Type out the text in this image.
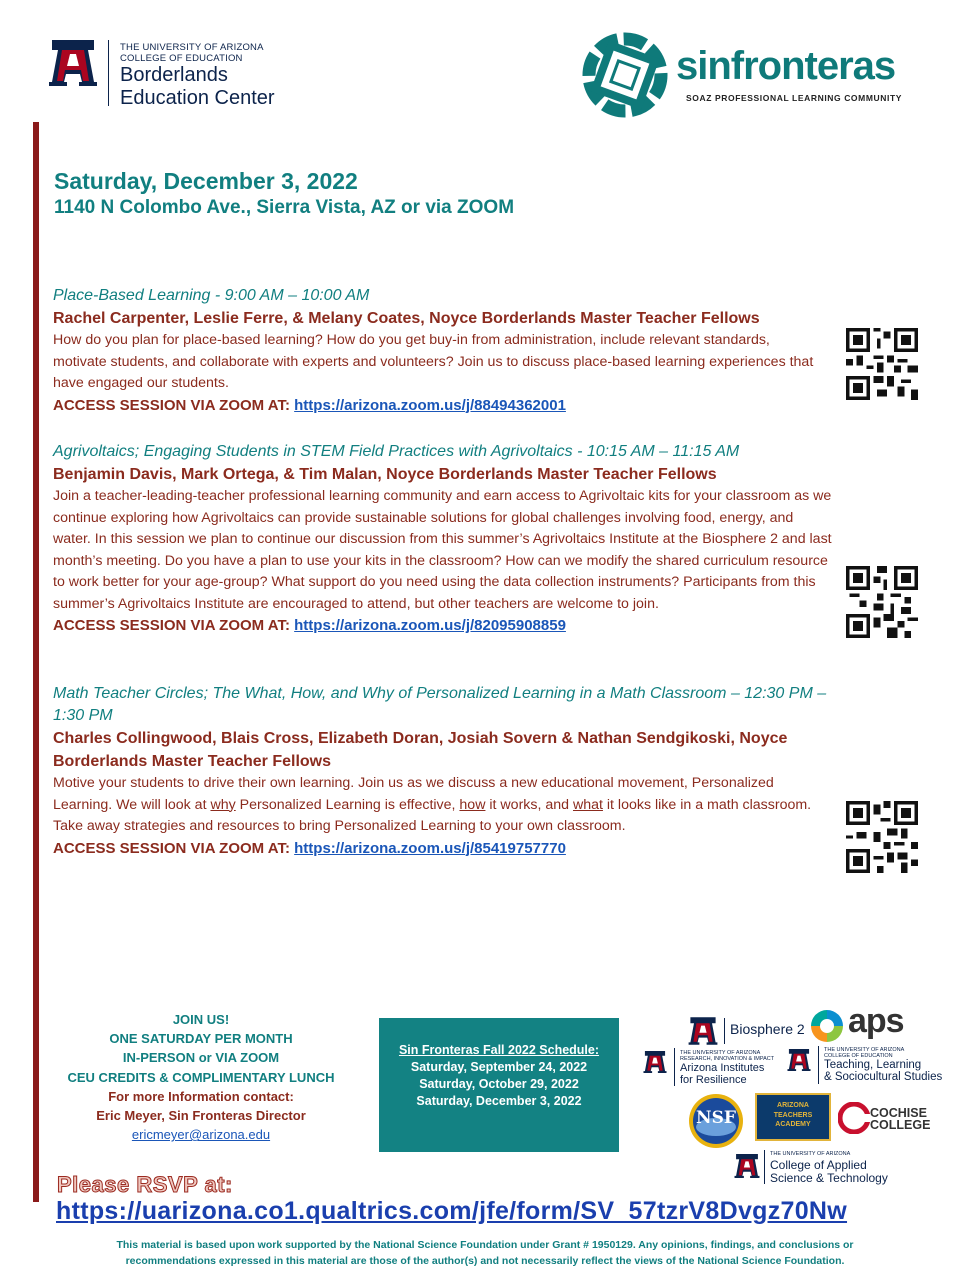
THE UNIVERSITY OF ARIZONA
COLLEGE OF EDUCATION
Borderlands
Education Center
sinfronteras
SOAZ PROFESSIONAL LEARNING COMMUNITY
Saturday, December 3, 2022
1140 N Colombo Ave., Sierra Vista, AZ or via ZOOM
Place-Based Learning - 9:00 AM – 10:00 AM
Rachel Carpenter, Leslie Ferre, & Melany Coates, Noyce Borderlands Master Teacher Fellows
How do you plan for place-based learning? How do you get buy-in from administration, include relevant standards, motivate students, and collaborate with experts and volunteers? Join us to discuss place-based learning experiences that have engaged our students.
ACCESS SESSION VIA ZOOM AT: https://arizona.zoom.us/j/88494362001
Agrivoltaics; Engaging Students in STEM Field Practices with Agrivoltaics - 10:15 AM – 11:15 AM
Benjamin Davis, Mark Ortega, & Tim Malan, Noyce Borderlands Master Teacher Fellows
Join a teacher-leading-teacher professional learning community and earn access to Agrivoltaic kits for your classroom as we continue exploring how Agrivoltaics can provide sustainable solutions for global challenges involving food, energy, and water. In this session we plan to continue our discussion from this summer’s Agrivoltaics Institute at the Biosphere 2 and last month’s meeting. Do you have a plan to use your kits in the classroom? How can we modify the shared curriculum resource to work better for your age-group? What support do you need using the data collection instruments? Participants from this summer’s Agrivoltaics Institute are encouraged to attend, but other teachers are welcome to join.
ACCESS SESSION VIA ZOOM AT: https://arizona.zoom.us/j/82095908859
Math Teacher Circles; The What, How, and Why of Personalized Learning in a Math Classroom – 12:30 PM – 1:30 PM
Charles Collingwood, Blais Cross, Elizabeth Doran, Josiah Sovern & Nathan Sendgikoski, Noyce Borderlands Master Teacher Fellows
Motive your students to drive their own learning. Join us as we discuss a new educational movement, Personalized Learning. We will look at why Personalized Learning is effective, how it works, and what it looks like in a math classroom. Take away strategies and resources to bring Personalized Learning to your own classroom.
ACCESS SESSION VIA ZOOM AT: https://arizona.zoom.us/j/85419757770
JOIN US!
ONE SATURDAY PER MONTH
IN-PERSON or VIA ZOOM
CEU CREDITS & COMPLIMENTARY LUNCH
For more Information contact:
Eric Meyer, Sin Fronteras Director
ericmeyer@arizona.edu
Sin Fronteras Fall 2022 Schedule:
Saturday, September 24, 2022
Saturday, October 29, 2022
Saturday, December 3, 2022
Biosphere 2 aps
THE UNIVERSITY OF ARIZONA
RESEARCH, INNOVATION & IMPACT
Arizona Institutes
for Resilience
THE UNIVERSITY OF ARIZONA
COLLEGE OF EDUCATION
Teaching, Learning
& Sociocultural Studies
NSF
ARIZONA
TEACHERS
ACADEMY
COCHISE
COLLEGE
THE UNIVERSITY OF ARIZONA
College of Applied
Science & Technology
Please RSVP at:
https://uarizona.co1.qualtrics.com/jfe/form/SV_57tzrV8Dvgz70Nw
This material is based upon work supported by the National Science Foundation under Grant # 1950129. Any opinions, findings, and conclusions or
recommendations expressed in this material are those of the author(s) and not necessarily reflect the views of the National Science Foundation.
